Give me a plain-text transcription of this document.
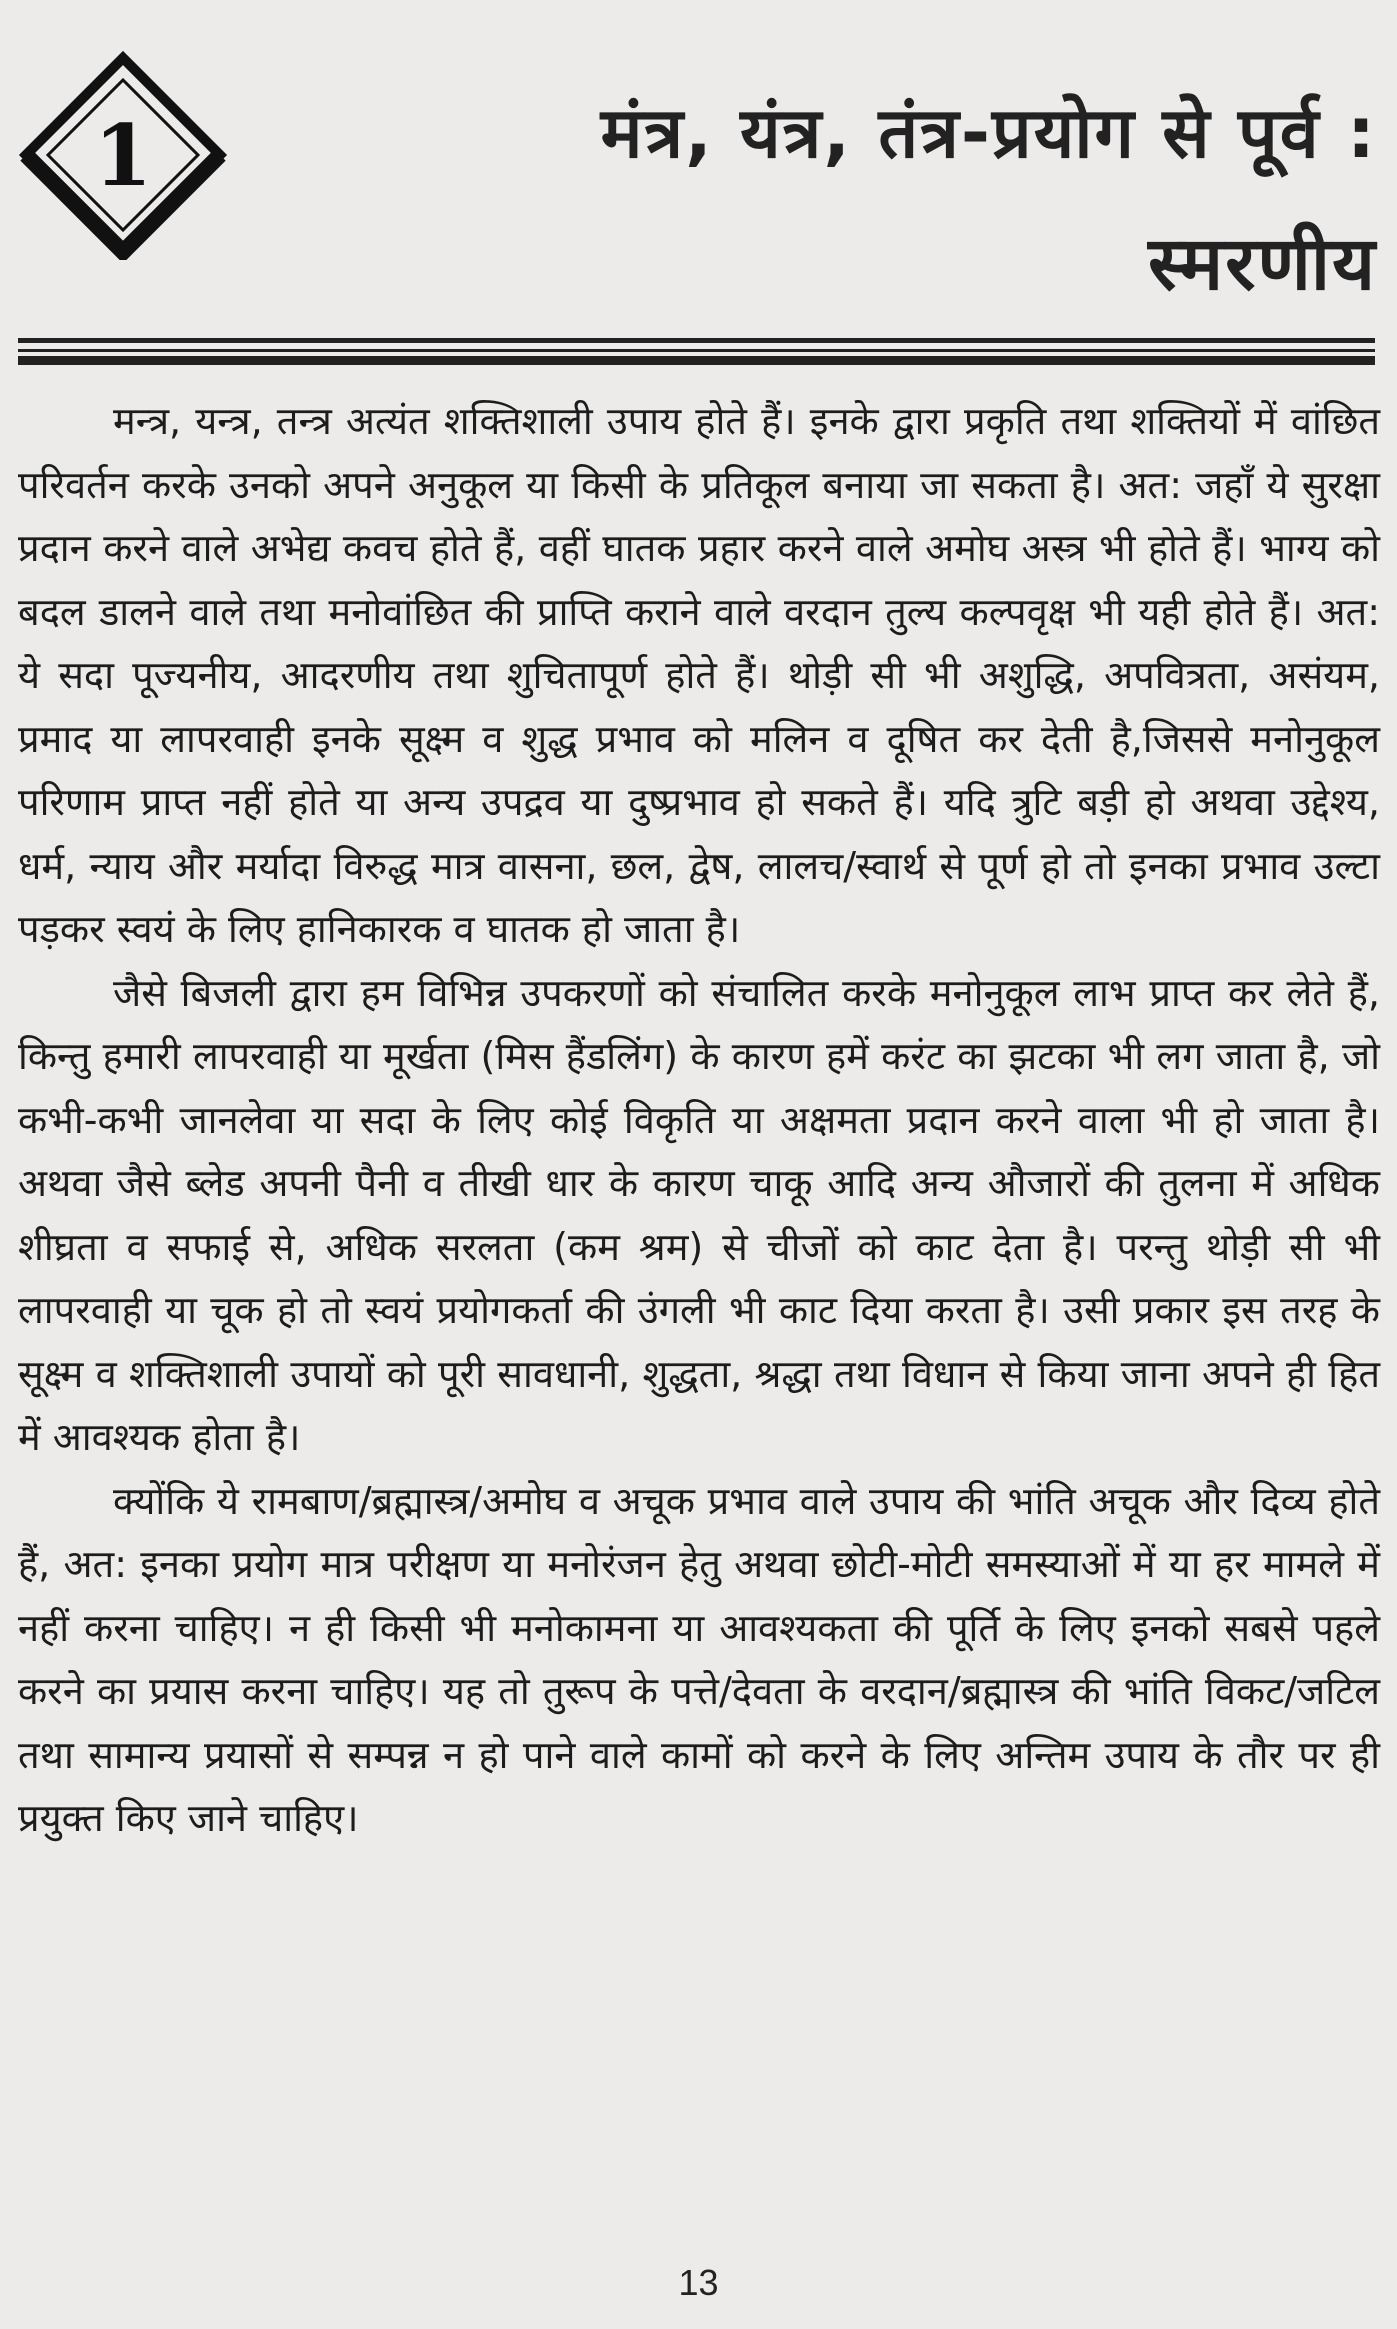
1	मंत्र, यंत्र, तंत्र-प्रयोग से पूर्व :
स्मरणीय

मन्त्र, यन्त्र, तन्त्र अत्यंत शक्तिशाली उपाय होते हैं। इनके द्वारा प्रकृति तथा शक्तियों में वांछित परिवर्तन करके उनको अपने अनुकूल या किसी के प्रतिकूल बनाया जा सकता है। अत: जहाँ ये सुरक्षा प्रदान करने वाले अभेद्य कवच होते हैं, वहीं घातक प्रहार करने वाले अमोघ अस्त्र भी होते हैं। भाग्य को बदल डालने वाले तथा मनोवांछित की प्राप्ति कराने वाले वरदान तुल्य कल्पवृक्ष भी यही होते हैं। अत: ये सदा पूज्यनीय, आदरणीय तथा शुचितापूर्ण होते हैं। थोड़ी सी भी अशुद्धि, अपवित्रता, असंयम, प्रमाद या लापरवाही इनके सूक्ष्म व शुद्ध प्रभाव को मलिन व दूषित कर देती है,जिससे मनोनुकूल परिणाम प्राप्त नहीं होते या अन्य उपद्रव या दुष्प्रभाव हो सकते हैं। यदि त्रुटि बड़ी हो अथवा उद्देश्य, धर्म, न्याय और मर्यादा विरुद्ध मात्र वासना, छल, द्वेष, लालच/स्वार्थ से पूर्ण हो तो इनका प्रभाव उल्टा पड़कर स्वयं के लिए हानिकारक व घातक हो जाता है।

जैसे बिजली द्वारा हम विभिन्न उपकरणों को संचालित करके मनोनुकूल लाभ प्राप्त कर लेते हैं, किन्तु हमारी लापरवाही या मूर्खता (मिस हैंडलिंग) के कारण हमें करंट का झटका भी लग जाता है, जो कभी-कभी जानलेवा या सदा के लिए कोई विकृति या अक्षमता प्रदान करने वाला भी हो जाता है। अथवा जैसे ब्लेड अपनी पैनी व तीखी धार के कारण चाकू आदि अन्य औजारों की तुलना में अधिक शीघ्रता व सफाई से, अधिक सरलता (कम श्रम) से चीजों को काट देता है। परन्तु थोड़ी सी भी लापरवाही या चूक हो तो स्वयं प्रयोगकर्ता की उंगली भी काट दिया करता है। उसी प्रकार इस तरह के सूक्ष्म व शक्तिशाली उपायों को पूरी सावधानी, शुद्धता, श्रद्धा तथा विधान से किया जाना अपने ही हित में आवश्यक होता है।

क्योंकि ये रामबाण/ब्रह्मास्त्र/अमोघ व अचूक प्रभाव वाले उपाय की भांति अचूक और दिव्य होते हैं, अत: इनका प्रयोग मात्र परीक्षण या मनोरंजन हेतु अथवा छोटी-मोटी समस्याओं में या हर मामले में नहीं करना चाहिए। न ही किसी भी मनोकामना या आवश्यकता की पूर्ति के लिए इनको सबसे पहले करने का प्रयास करना चाहिए। यह तो तुरूप के पत्ते/देवता के वरदान/ब्रह्मास्त्र की भांति विकट/जटिल तथा सामान्य प्रयासों से सम्पन्न न हो पाने वाले कामों को करने के लिए अन्तिम उपाय के तौर पर ही प्रयुक्त किए जाने चाहिए।

13
